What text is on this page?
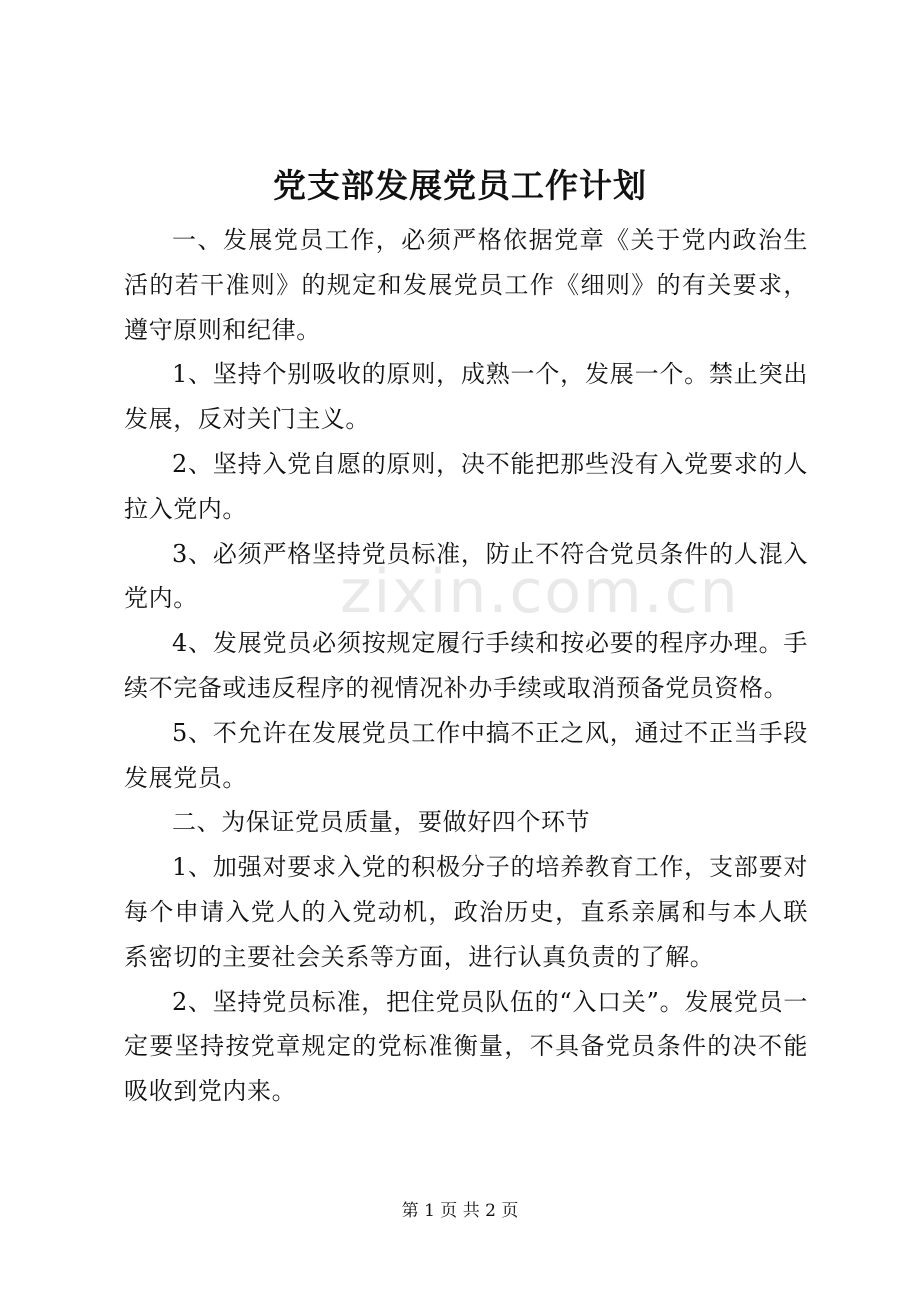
党支部发展党员工作计划
zixin.com.cn

一、发展党员工作，必须严格依据党章《关于党内政治生活的若干准则》的规定和发展党员工作《细则》的有关要求，遵守原则和纪律。

1、坚持个别吸收的原则，成熟一个，发展一个。禁止突出发展，反对关门主义。

2、坚持入党自愿的原则，决不能把那些没有入党要求的人拉入党内。

3、必须严格坚持党员标准，防止不符合党员条件的人混入党内。

4、发展党员必须按规定履行手续和按必要的程序办理。手续不完备或违反程序的视情况补办手续或取消预备党员资格。

5、不允许在发展党员工作中搞不正之风，通过不正当手段发展党员。

二、为保证党员质量，要做好四个环节

1、加强对要求入党的积极分子的培养教育工作，支部要对每个申请入党人的入党动机，政治历史，直系亲属和与本人联系密切的主要社会关系等方面，进行认真负责的了解。

2、坚持党员标准，把住党员队伍的“入口关”。发展党员一定要坚持按党章规定的党标准衡量，不具备党员条件的决不能吸收到党内来。

第 1 页 共 2 页
